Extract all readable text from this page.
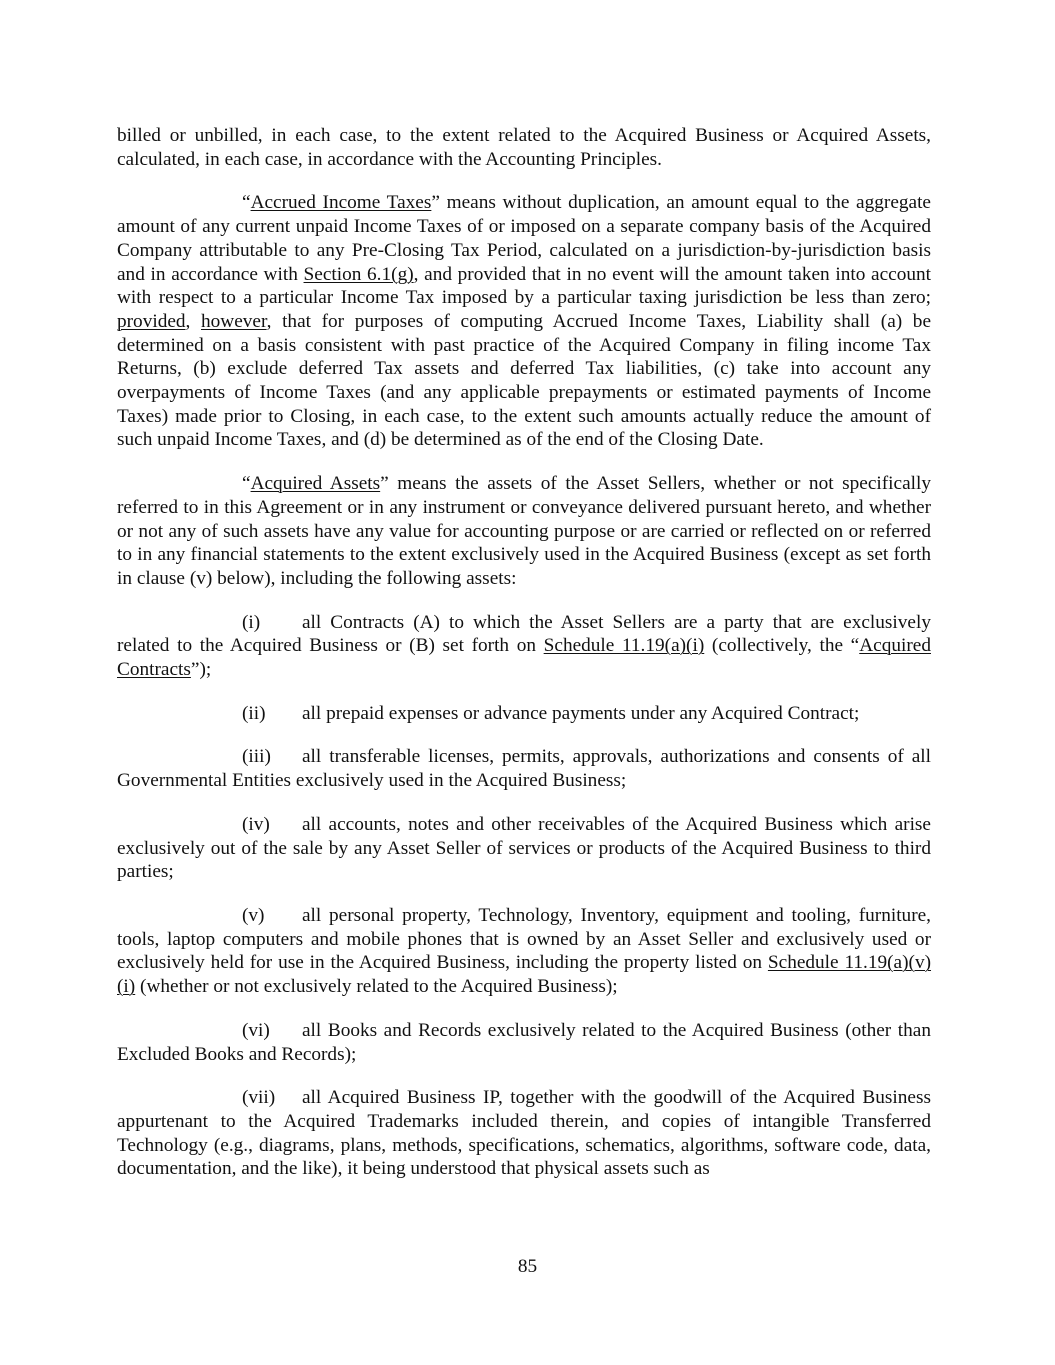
billed or unbilled, in each case, to the extent related to the Acquired Business or Acquired Assets, calculated, in each case, in accordance with the Accounting Principles.

“Accrued Income Taxes” means without duplication, an amount equal to the aggregate amount of any current unpaid Income Taxes of or imposed on a separate company basis of the Acquired Company attributable to any Pre-Closing Tax Period, calculated on a jurisdiction-by-jurisdiction basis and in accordance with Section 6.1(g), and provided that in no event will the amount taken into account with respect to a particular Income Tax imposed by a particular taxing jurisdiction be less than zero; provided, however, that for purposes of computing Accrued Income Taxes, Liability shall (a) be determined on a basis consistent with past practice of the Acquired Company in filing income Tax Returns, (b) exclude deferred Tax assets and deferred Tax liabilities, (c) take into account any overpayments of Income Taxes (and any applicable prepayments or estimated payments of Income Taxes) made prior to Closing, in each case, to the extent such amounts actually reduce the amount of such unpaid Income Taxes, and (d) be determined as of the end of the Closing Date.

“Acquired Assets” means the assets of the Asset Sellers, whether or not specifically referred to in this Agreement or in any instrument or conveyance delivered pursuant hereto, and whether or not any of such assets have any value for accounting purpose or are carried or reflected on or referred to in any financial statements to the extent exclusively used in the Acquired Business (except as set forth in clause (v) below), including the following assets:

(i) all Contracts (A) to which the Asset Sellers are a party that are exclusively related to the Acquired Business or (B) set forth on Schedule 11.19(a)(i) (collectively, the “Acquired Contracts”);

(ii) all prepaid expenses or advance payments under any Acquired Contract;

(iii) all transferable licenses, permits, approvals, authorizations and consents of all Governmental Entities exclusively used in the Acquired Business;

(iv) all accounts, notes and other receivables of the Acquired Business which arise exclusively out of the sale by any Asset Seller of services or products of the Acquired Business to third parties;

(v) all personal property, Technology, Inventory, equipment and tooling, furniture, tools, laptop computers and mobile phones that is owned by an Asset Seller and exclusively used or exclusively held for use in the Acquired Business, including the property listed on Schedule 11.19(a)(v)(i) (whether or not exclusively related to the Acquired Business);

(vi) all Books and Records exclusively related to the Acquired Business (other than Excluded Books and Records);

(vii) all Acquired Business IP, together with the goodwill of the Acquired Business appurtenant to the Acquired Trademarks included therein, and copies of intangible Transferred Technology (e.g., diagrams, plans, methods, specifications, schematics, algorithms, software code, data, documentation, and the like), it being understood that physical assets such as

85
